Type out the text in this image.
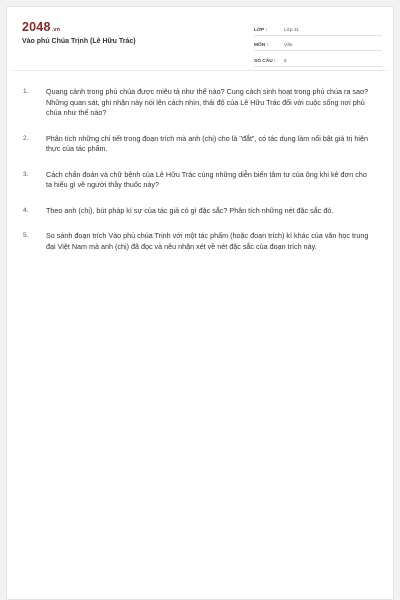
2048.vn
Vào phủ Chúa Trịnh (Lê Hữu Trác)
LỚP :	Lớp 11
MÔN :	Văn
SỐ CÂU :	5
1.	Quang cảnh trong phủ chúa được miêu tả như thế nào? Cung cách sinh hoạt trong phủ chúa ra sao? Những quan sát, ghi nhận này nói lên cách nhìn, thái độ của Lê Hữu Trác đối với cuộc sống nơi phủ chúa như thế nào?
2.	Phân tích những chi tiết trong đoạn trích mà anh (chị) cho là "đắt", có tác dụng làm nổi bật giá trị hiện thực của tác phẩm.
3.	Cách chẩn đoán và chữ bệnh của Lê Hữu Trác cùng những diễn biến tâm tư của ông khi kê đơn cho ta hiểu gì về người thầy thuốc này?
4.	Theo anh (chị), bút pháp kí sự của tác giả có gì đặc sắc? Phân tích những nét đặc sắc đó.
5.	So sánh đoạn trích Vào phủ chúa Trịnh với một tác phẩm (hoặc đoạn trích) kí khác của văn học trung đại Việt Nam mà anh (chị) đã đọc và nêu nhận xét về nét đặc sắc của đoạn trích này.
